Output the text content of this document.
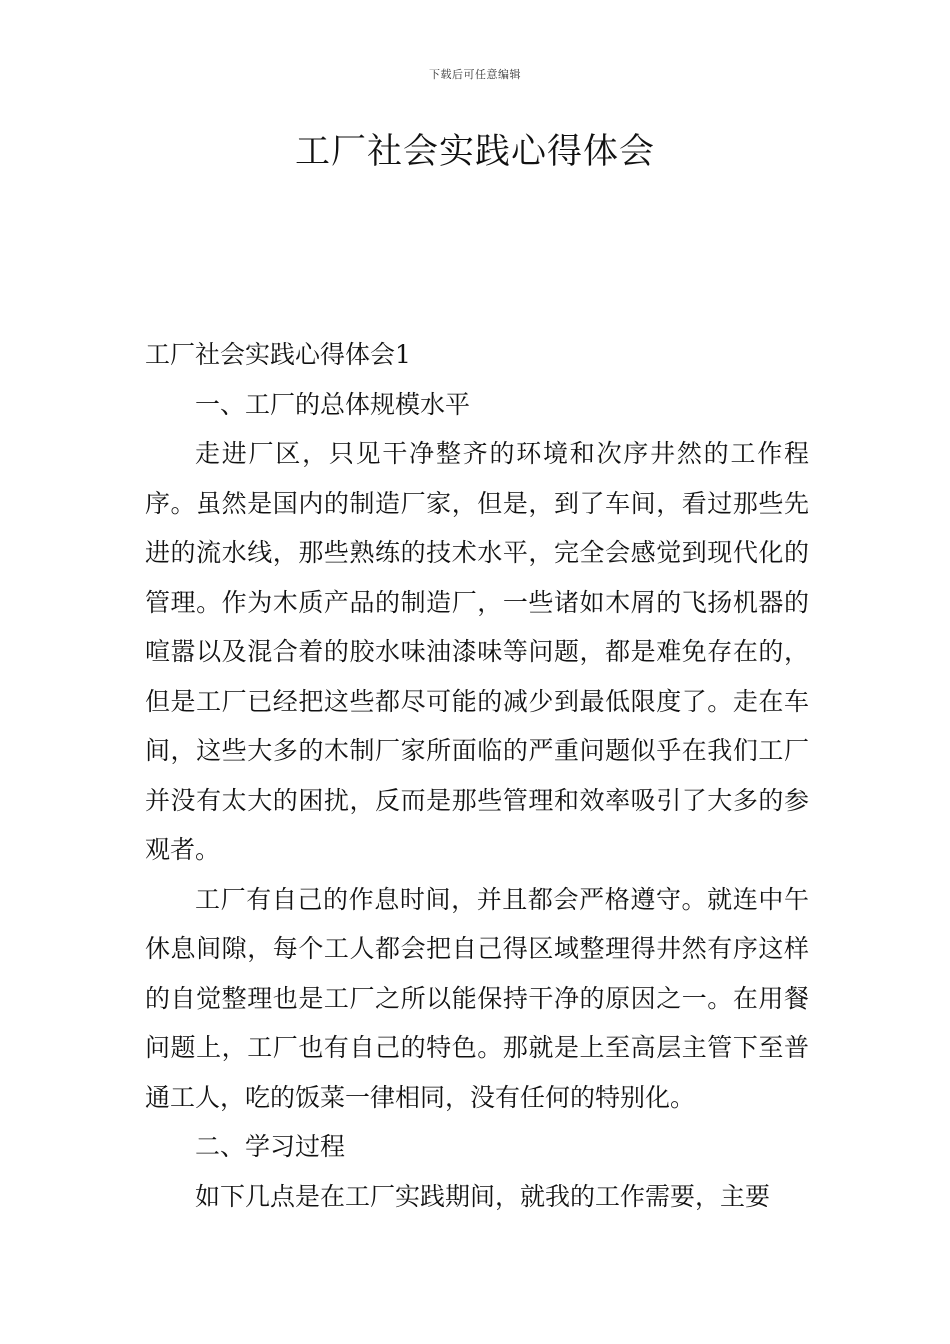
下载后可任意编辑
工厂社会实践心得体会

工厂社会实践心得体会1

一、工厂的总体规模水平

走进厂区，只见干净整齐的环境和次序井然的工作程序。虽然是国内的制造厂家，但是，到了车间，看过那些先进的流水线，那些熟练的技术水平，完全会感觉到现代化的管理。作为木质产品的制造厂，一些诸如木屑的飞扬机器的喧嚣以及混合着的胶水味油漆味等问题，都是难免存在的，但是工厂已经把这些都尽可能的减少到最低限度了。走在车间，这些大多的木制厂家所面临的严重问题似乎在我们工厂并没有太大的困扰，反而是那些管理和效率吸引了大多的参观者。

工厂有自己的作息时间，并且都会严格遵守。就连中午休息间隙，每个工人都会把自己得区域整理得井然有序这样的自觉整理也是工厂之所以能保持干净的原因之一。在用餐问题上，工厂也有自己的特色。那就是上至高层主管下至普通工人，吃的饭菜一律相同，没有任何的特别化。

二、学习过程

如下几点是在工厂实践期间，就我的工作需要，主要
